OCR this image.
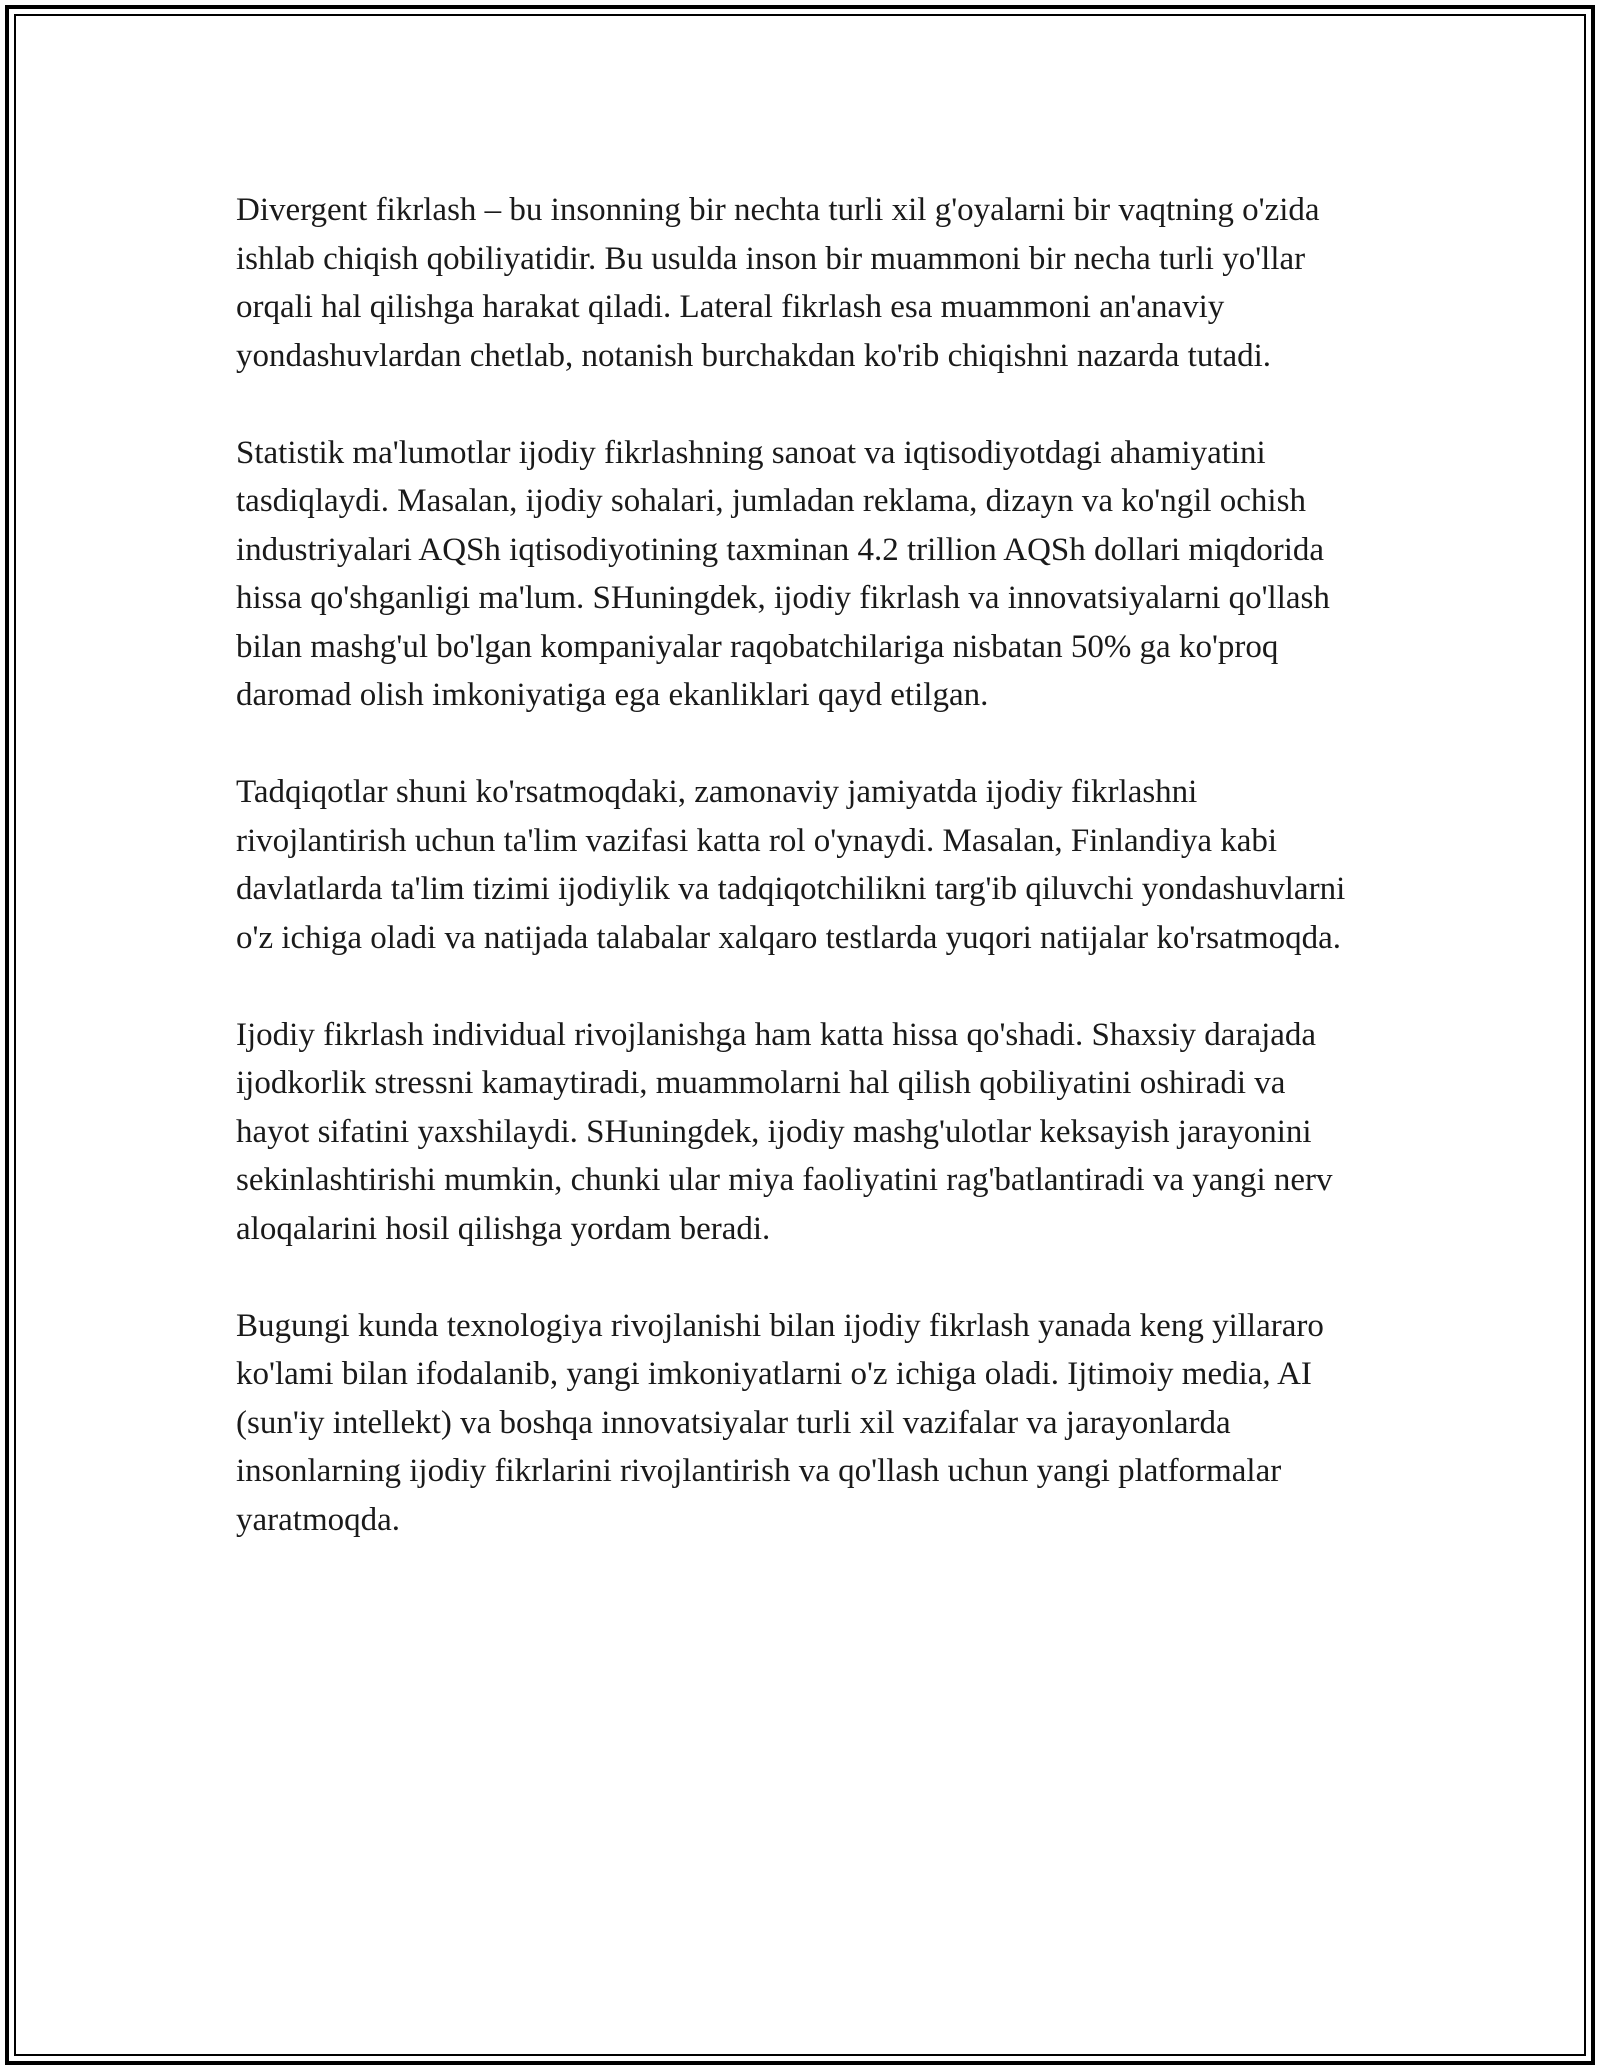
Divergent fikrlash – bu insonning bir nechta turli xil g'oyalarni bir vaqtning o'zida ishlab chiqish qobiliyatidir. Bu usulda inson bir muammoni bir necha turli yo'llar orqali hal qilishga harakat qiladi. Lateral fikrlash esa muammoni an'anaviy yondashuvlardan chetlab, notanish burchakdan ko'rib chiqishni nazarda tutadi.

Statistik ma'lumotlar ijodiy fikrlashning sanoat va iqtisodiyotdagi ahamiyatini tasdiqlaydi. Masalan, ijodiy sohalari, jumladan reklama, dizayn va ko'ngil ochish industriyalari AQSh iqtisodiyotining taxminan 4.2 trillion AQSh dollari miqdorida hissa qo'shganligi ma'lum. SHuningdek, ijodiy fikrlash va innovatsiyalarni qo'llash bilan mashg'ul bo'lgan kompaniyalar raqobatchilariga nisbatan 50% ga ko'proq daromad olish imkoniyatiga ega ekanliklari qayd etilgan.

Tadqiqotlar shuni ko'rsatmoqdaki, zamonaviy jamiyatda ijodiy fikrlashni rivojlantirish uchun ta'lim vazifasi katta rol o'ynaydi. Masalan, Finlandiya kabi davlatlarda ta'lim tizimi ijodiylik va tadqiqotchilikni targ'ib qiluvchi yondashuvlarni o'z ichiga oladi va natijada talabalar xalqaro testlarda yuqori natijalar ko'rsatmoqda.

Ijodiy fikrlash individual rivojlanishga ham katta hissa qo'shadi. Shaxsiy darajada ijodkorlik stressni kamaytiradi, muammolarni hal qilish qobiliyatini oshiradi va hayot sifatini yaxshilaydi. SHuningdek, ijodiy mashg'ulotlar keksayish jarayonini sekinlashtirishi mumkin, chunki ular miya faoliyatini rag'batlantiradi va yangi nerv aloqalarini hosil qilishga yordam beradi.

Bugungi kunda texnologiya rivojlanishi bilan ijodiy fikrlash yanada keng yillararo ko'lami bilan ifodalanib, yangi imkoniyatlarni o'z ichiga oladi. Ijtimoiy media, AI (sun'iy intellekt) va boshqa innovatsiyalar turli xil vazifalar va jarayonlarda insonlarning ijodiy fikrlarini rivojlantirish va qo'llash uchun yangi platformalar yaratmoqda.
